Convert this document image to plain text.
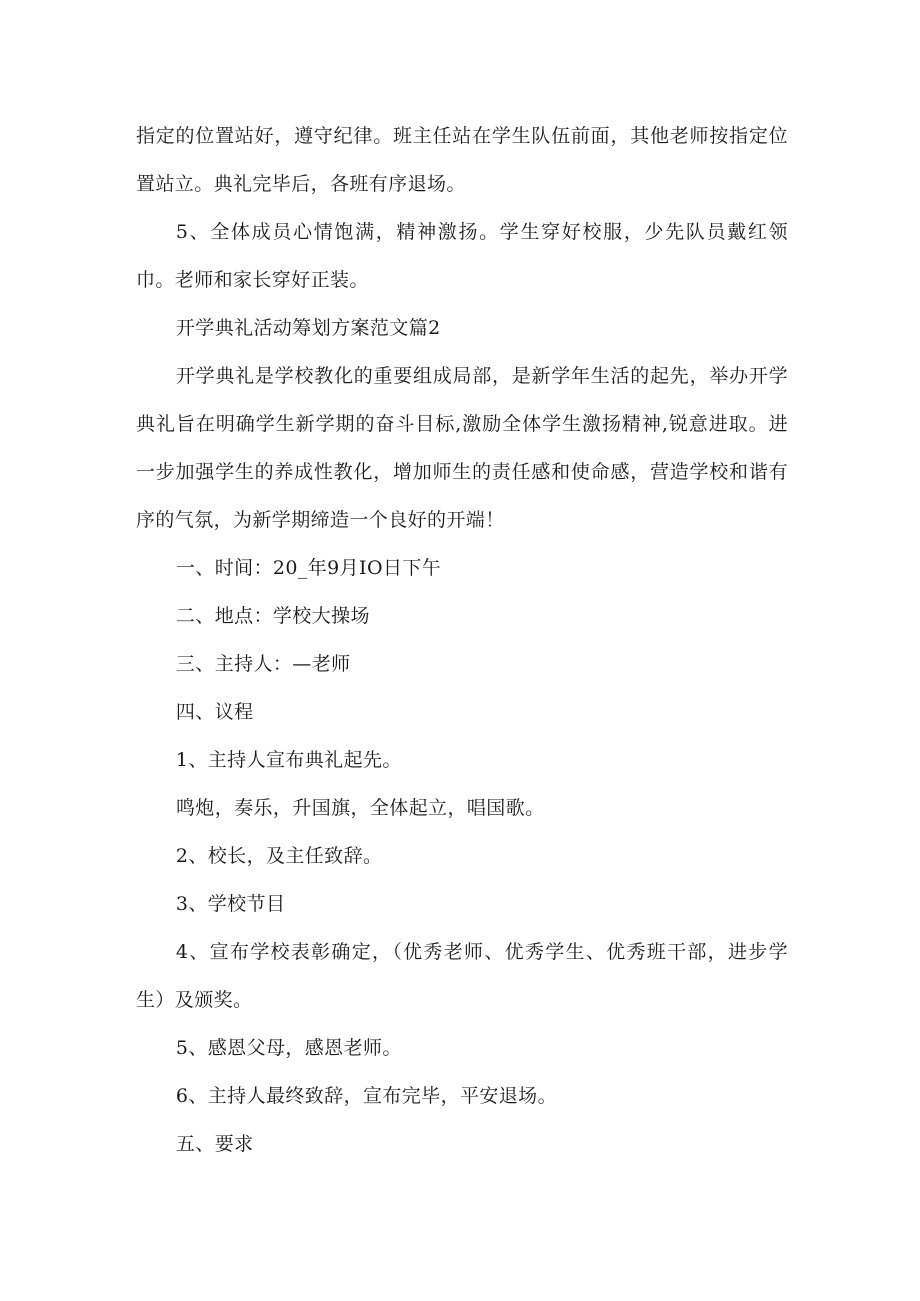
指定的位置站好，遵守纪律。班主任站在学生队伍前面，其他老师按指定位置站立。典礼完毕后，各班有序退场。

5、全体成员心情饱满，精神激扬。学生穿好校服，少先队员戴红领巾。老师和家长穿好正装。

开学典礼活动筹划方案范文篇2

开学典礼是学校教化的重要组成局部，是新学年生活的起先，举办开学典礼旨在明确学生新学期的奋斗目标,激励全体学生激扬精神,锐意进取。进一步加强学生的养成性教化，增加师生的责任感和使命感，营造学校和谐有序的气氛，为新学期缔造一个良好的开端！

一、时间：20_年9月IO日下午

二、地点：学校大操场

三、主持人：—老师

四、议程

1、主持人宣布典礼起先。

鸣炮，奏乐，升国旗，全体起立，唱国歌。

2、校长，及主任致辞。

3、学校节目

4、宣布学校表彰确定，（优秀老师、优秀学生、优秀班干部，进步学生）及颁奖。

5、感恩父母，感恩老师。

6、主持人最终致辞，宣布完毕，平安退场。

五、要求
